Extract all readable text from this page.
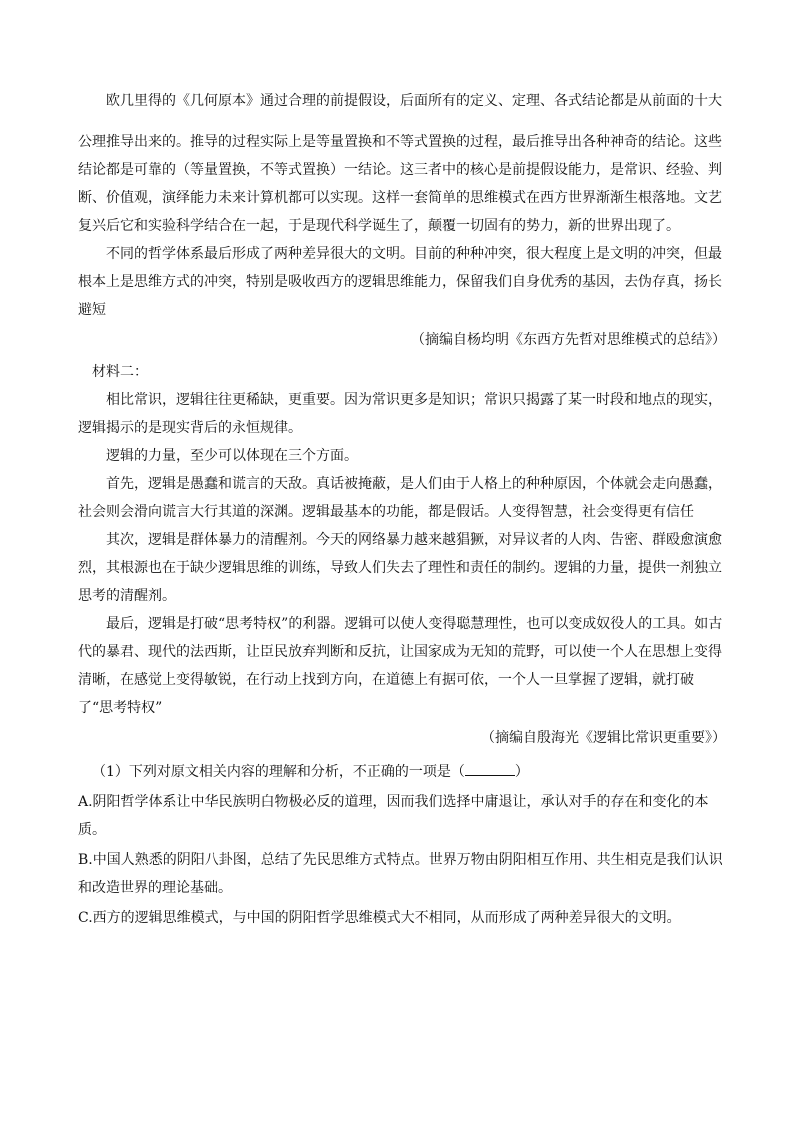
欧几里得的《几何原本》通过合理的前提假设，后面所有的定义、定理、各式结论都是从前面的十大

公理推导出来的。推导的过程实际上是等量置换和不等式置换的过程，最后推导出各种神奇的结论。这些结论都是可靠的（等量置换，不等式置换）一结论。这三者中的核心是前提假设能力，是常识、经验、判断、价值观，演绎能力未来计算机都可以实现。这样一套简单的思维模式在西方世界渐渐生根落地。文艺复兴后它和实验科学结合在一起，于是现代科学诞生了，颠覆一切固有的势力，新的世界出现了。

不同的哲学体系最后形成了两种差异很大的文明。目前的种种冲突，很大程度上是文明的冲突，但最根本上是思维方式的冲突，特别是吸收西方的逻辑思维能力，保留我们自身优秀的基因，去伪存真，扬长避短

（摘编自杨均明《东西方先哲对思维模式的总结》）

材料二：

相比常识，逻辑往往更稀缺，更重要。因为常识更多是知识；常识只揭露了某一时段和地点的现实，逻辑揭示的是现实背后的永恒规律。

逻辑的力量，至少可以体现在三个方面。

首先，逻辑是愚蠢和谎言的天敌。真话被掩蔽，是人们由于人格上的种种原因，个体就会走向愚蠢，社会则会滑向谎言大行其道的深渊。逻辑最基本的功能，都是假话。人变得智慧，社会变得更有信任

其次，逻辑是群体暴力的清醒剂。今天的网络暴力越来越猖獗，对异议者的人肉、告密、群殴愈演愈烈，其根源也在于缺少逻辑思维的训练，导致人们失去了理性和责任的制约。逻辑的力量，提供一剂独立思考的清醒剂。

最后，逻辑是打破“思考特权”的利器。逻辑可以使人变得聪慧理性，也可以变成奴役人的工具。如古代的暴君、现代的法西斯，让臣民放弃判断和反抗，让国家成为无知的荒野，可以使一个人在思想上变得清晰，在感觉上变得敏锐，在行动上找到方向，在道德上有据可依，一个人一旦掌握了逻辑，就打破了“思考特权”

（摘编自殷海光《逻辑比常识更重要》）

（1）下列对原文相关内容的理解和分析，不正确的一项是（	）

A.阴阳哲学体系让中华民族明白物极必反的道理，因而我们选择中庸退让，承认对手的存在和变化的本质。

B.中国人熟悉的阴阳八卦图，总结了先民思维方式特点。世界万物由阴阳相互作用、共生相克是我们认识和改造世界的理论基础。

C.西方的逻辑思维模式，与中国的阴阳哲学思维模式大不相同，从而形成了两种差异很大的文明。
